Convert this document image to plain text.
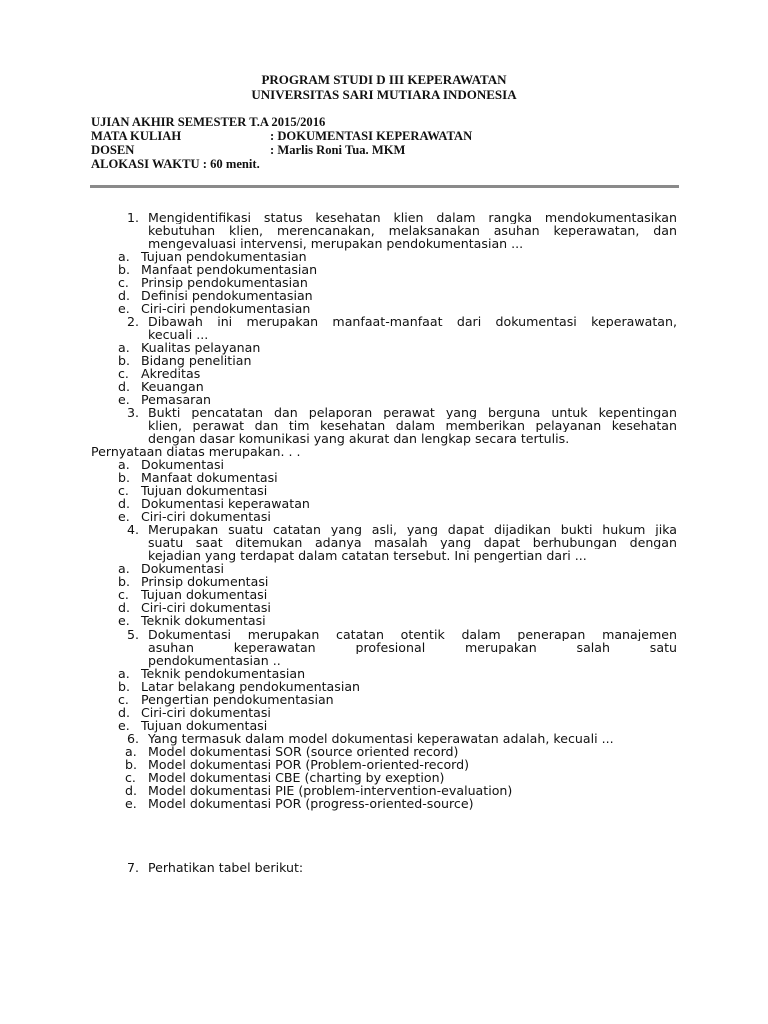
PROGRAM STUDI D III KEPERAWATAN
UNIVERSITAS SARI MUTIARA INDONESIA
UJIAN AKHIR SEMESTER T.A 2015/2016
MATA KULIAH	: DOKUMENTASI KEPERAWATAN
DOSEN	: Marlis Roni Tua. MKM
ALOKASI WAKTU : 60 menit.
1. Mengidentifikasi status kesehatan klien dalam rangka mendokumentasikan
kebutuhan klien, merencanakan, melaksanakan asuhan keperawatan, dan
mengevaluasi intervensi, merupakan pendokumentasian ...
a. Tujuan pendokumentasian
b. Manfaat pendokumentasian
c. Prinsip pendokumentasian
d. Definisi pendokumentasian
e. Ciri-ciri pendokumentasian
2. Dibawah ini merupakan manfaat-manfaat dari dokumentasi keperawatan,
kecuali ...
a. Kualitas pelayanan
b. Bidang penelitian
c. Akreditas
d. Keuangan
e. Pemasaran
3. Bukti pencatatan dan pelaporan perawat yang berguna untuk kepentingan
klien, perawat dan tim kesehatan dalam memberikan pelayanan kesehatan
dengan dasar komunikasi yang akurat dan lengkap secara tertulis.
Pernyataan diatas merupakan. . .
a. Dokumentasi
b. Manfaat dokumentasi
c. Tujuan dokumentasi
d. Dokumentasi keperawatan
e. Ciri-ciri dokumentasi
4. Merupakan suatu catatan yang asli, yang dapat dijadikan bukti hukum jika
suatu saat ditemukan adanya masalah yang dapat berhubungan dengan
kejadian yang terdapat dalam catatan tersebut. Ini pengertian dari ...
a. Dokumentasi
b. Prinsip dokumentasi
c. Tujuan dokumentasi
d. Ciri-ciri dokumentasi
e. Teknik dokumentasi
5. Dokumentasi merupakan catatan otentik dalam penerapan manajemen
asuhan keperawatan profesional merupakan salah satu
pendokumentasian ..
a. Teknik pendokumentasian
b. Latar belakang pendokumentasian
c. Pengertian pendokumentasian
d. Ciri-ciri dokumentasi
e. Tujuan dokumentasi
6. Yang termasuk dalam model dokumentasi keperawatan adalah, kecuali ...
a. Model dokumentasi SOR (source oriented record)
b. Model dokumentasi POR (Problem-oriented-record)
c. Model dokumentasi CBE (charting by exeption)
d. Model dokumentasi PIE (problem-intervention-evaluation)
e. Model dokumentasi POR (progress-oriented-source)
7. Perhatikan tabel berikut:
